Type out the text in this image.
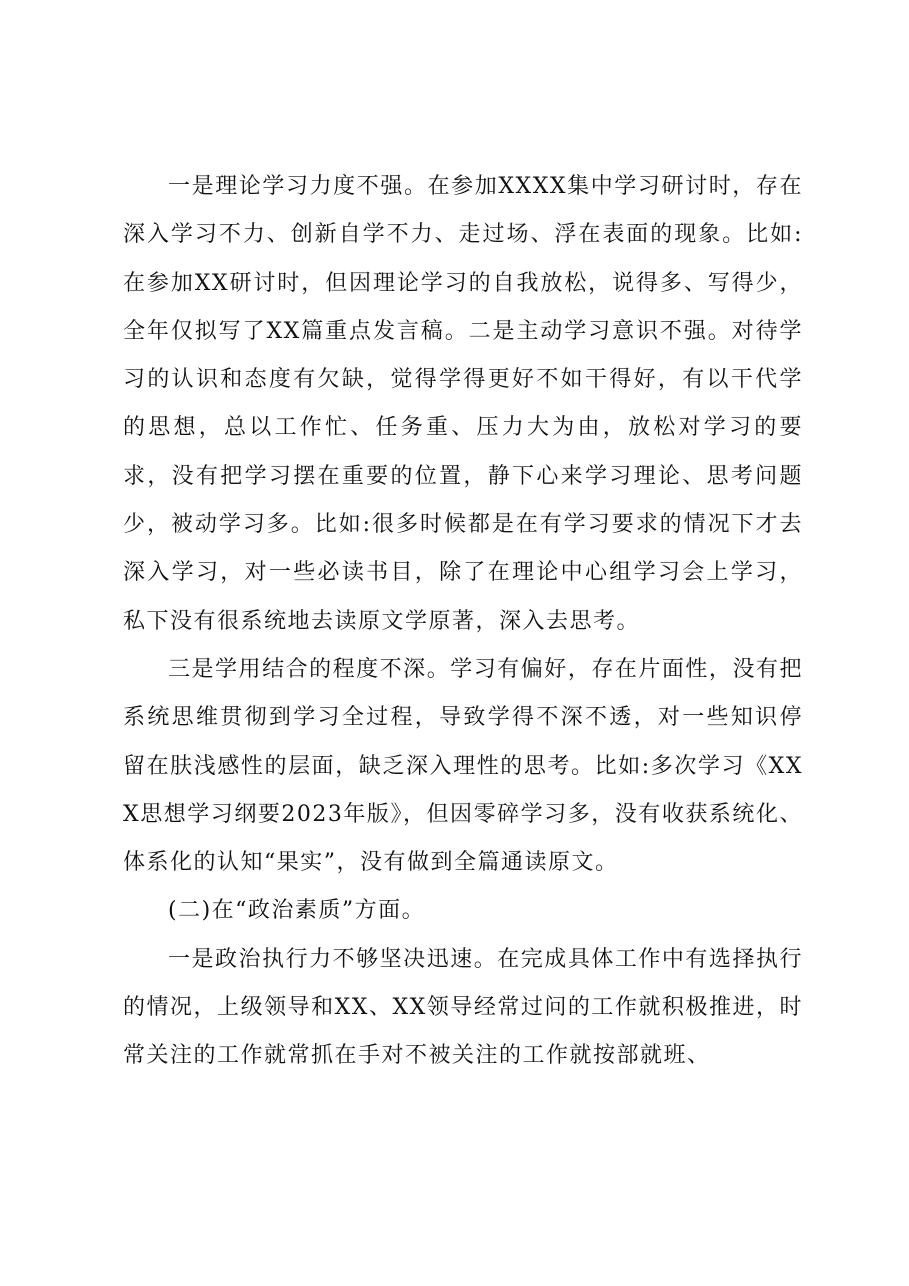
一是理论学习力度不强。在参加XXXX集中学习研讨时，存在深入学习不力、创新自学不力、走过场、浮在表面的现象。比如:在参加XX研讨时，但因理论学习的自我放松，说得多、写得少，全年仅拟写了XX篇重点发言稿。二是主动学习意识不强。对待学习的认识和态度有欠缺，觉得学得更好不如干得好，有以干代学的思想，总以工作忙、任务重、压力大为由，放松对学习的要求，没有把学习摆在重要的位置，静下心来学习理论、思考问题少，被动学习多。比如:很多时候都是在有学习要求的情况下才去深入学习，对一些必读书目，除了在理论中心组学习会上学习，私下没有很系统地去读原文学原著，深入去思考。

三是学用结合的程度不深。学习有偏好，存在片面性，没有把系统思维贯彻到学习全过程，导致学得不深不透，对一些知识停留在肤浅感性的层面，缺乏深入理性的思考。比如:多次学习《XXX思想学习纲要2023年版》，但因零碎学习多，没有收获系统化、体系化的认知“果实”，没有做到全篇通读原文。

(二)在“政治素质”方面。

一是政治执行力不够坚决迅速。在完成具体工作中有选择执行的情况，上级领导和XX、XX领导经常过问的工作就积极推进，时常关注的工作就常抓在手对不被关注的工作就按部就班、
